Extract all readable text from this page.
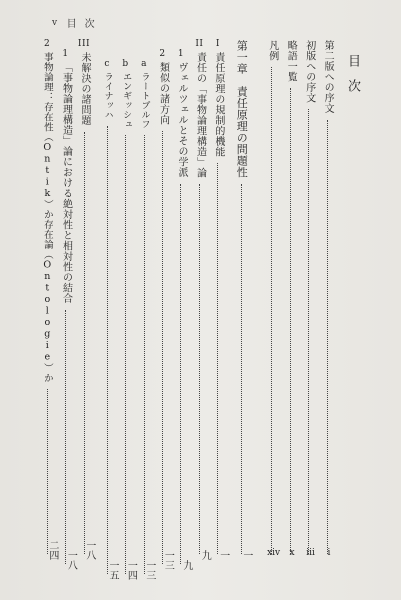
v 目次
目次
第二版への序文
i
初版への序文
iii
略語一覧
x
凡例
xiv
第一章　責任原理の問題性
一
I
責任原理の規制的機能
一
II
責任の「事物論理構造」論
九
1
ヴェルツェルとその学派
九
2
類似の諸方向
一三
a
ラートブルフ
一三
b
エンギッシュ
一四
c
ライナッハ
一五
III
未解決の諸問題
一八
1
「事物論理構造」論における絶対性と相対性の結合
一八
2
事物論理：存在性（Ontik）か存在論（Ontologie）か
二四
